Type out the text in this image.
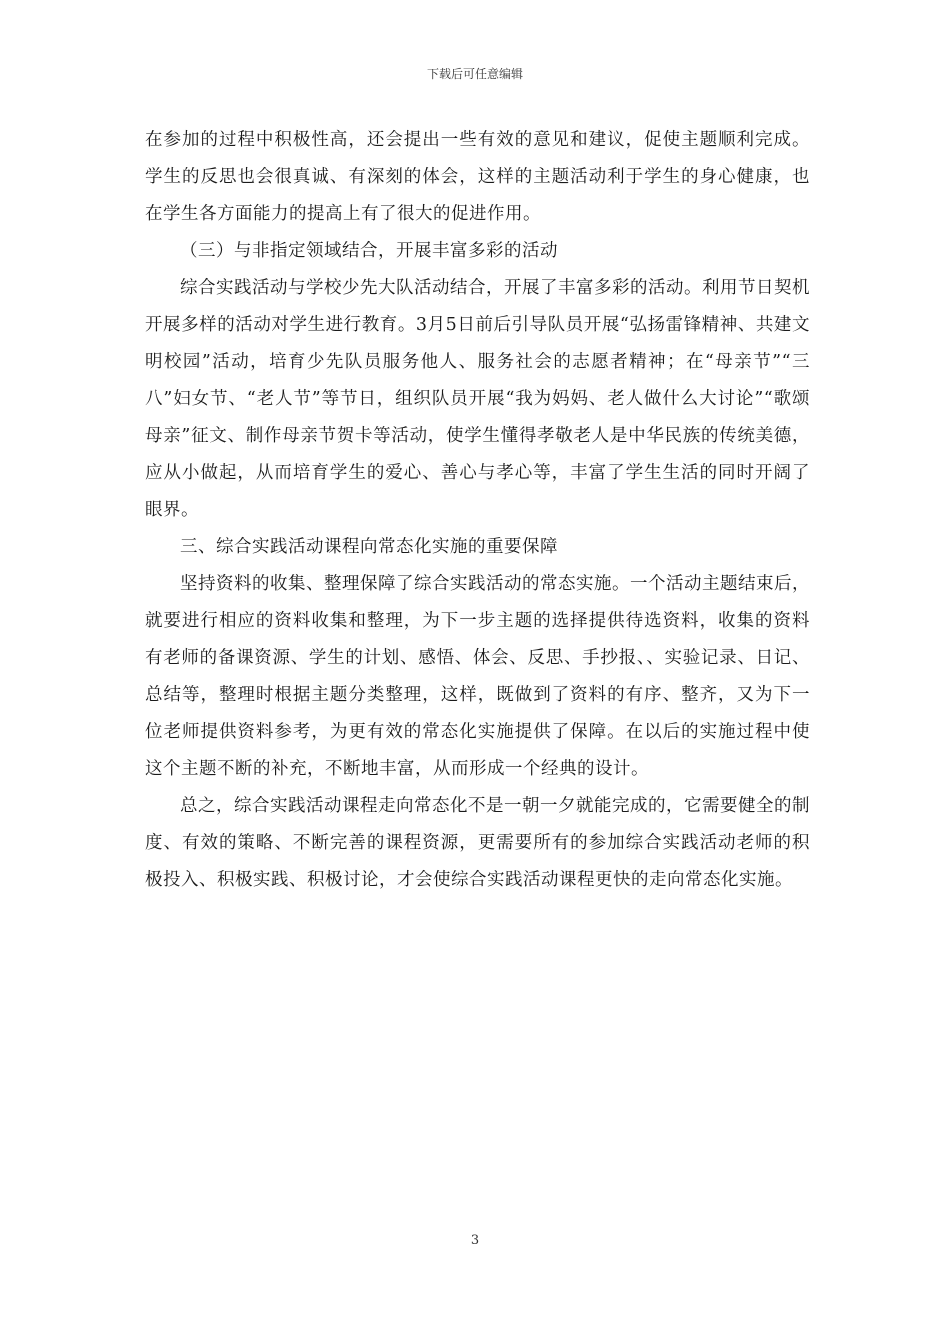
下载后可任意编辑

在参加的过程中积极性高，还会提出一些有效的意见和建议，促使主题顺利完成。学生的反思也会很真诚、有深刻的体会，这样的主题活动利于学生的身心健康，也在学生各方面能力的提高上有了很大的促进作用。

（三）与非指定领域结合，开展丰富多彩的活动

综合实践活动与学校少先大队活动结合，开展了丰富多彩的活动。利用节日契机开展多样的活动对学生进行教育。3月5日前后引导队员开展“弘扬雷锋精神、共建文明校园”活动，培育少先队员服务他人、服务社会的志愿者精神；在“母亲节”“三八”妇女节、“老人节”等节日，组织队员开展“我为妈妈、老人做什么大讨论”“歌颂母亲”征文、制作母亲节贺卡等活动，使学生懂得孝敬老人是中华民族的传统美德，应从小做起，从而培育学生的爱心、善心与孝心等，丰富了学生生活的同时开阔了眼界。

三、综合实践活动课程向常态化实施的重要保障

坚持资料的收集、整理保障了综合实践活动的常态实施。一个活动主题结束后，就要进行相应的资料收集和整理，为下一步主题的选择提供待选资料，收集的资料有老师的备课资源、学生的计划、感悟、体会、反思、手抄报、、实验记录、日记、总结等，整理时根据主题分类整理，这样，既做到了资料的有序、整齐，又为下一位老师提供资料参考，为更有效的常态化实施提供了保障。在以后的实施过程中使这个主题不断的补充，不断地丰富，从而形成一个经典的设计。

总之，综合实践活动课程走向常态化不是一朝一夕就能完成的，它需要健全的制度、有效的策略、不断完善的课程资源，更需要所有的参加综合实践活动老师的积极投入、积极实践、积极讨论，才会使综合实践活动课程更快的走向常态化实施。

3
